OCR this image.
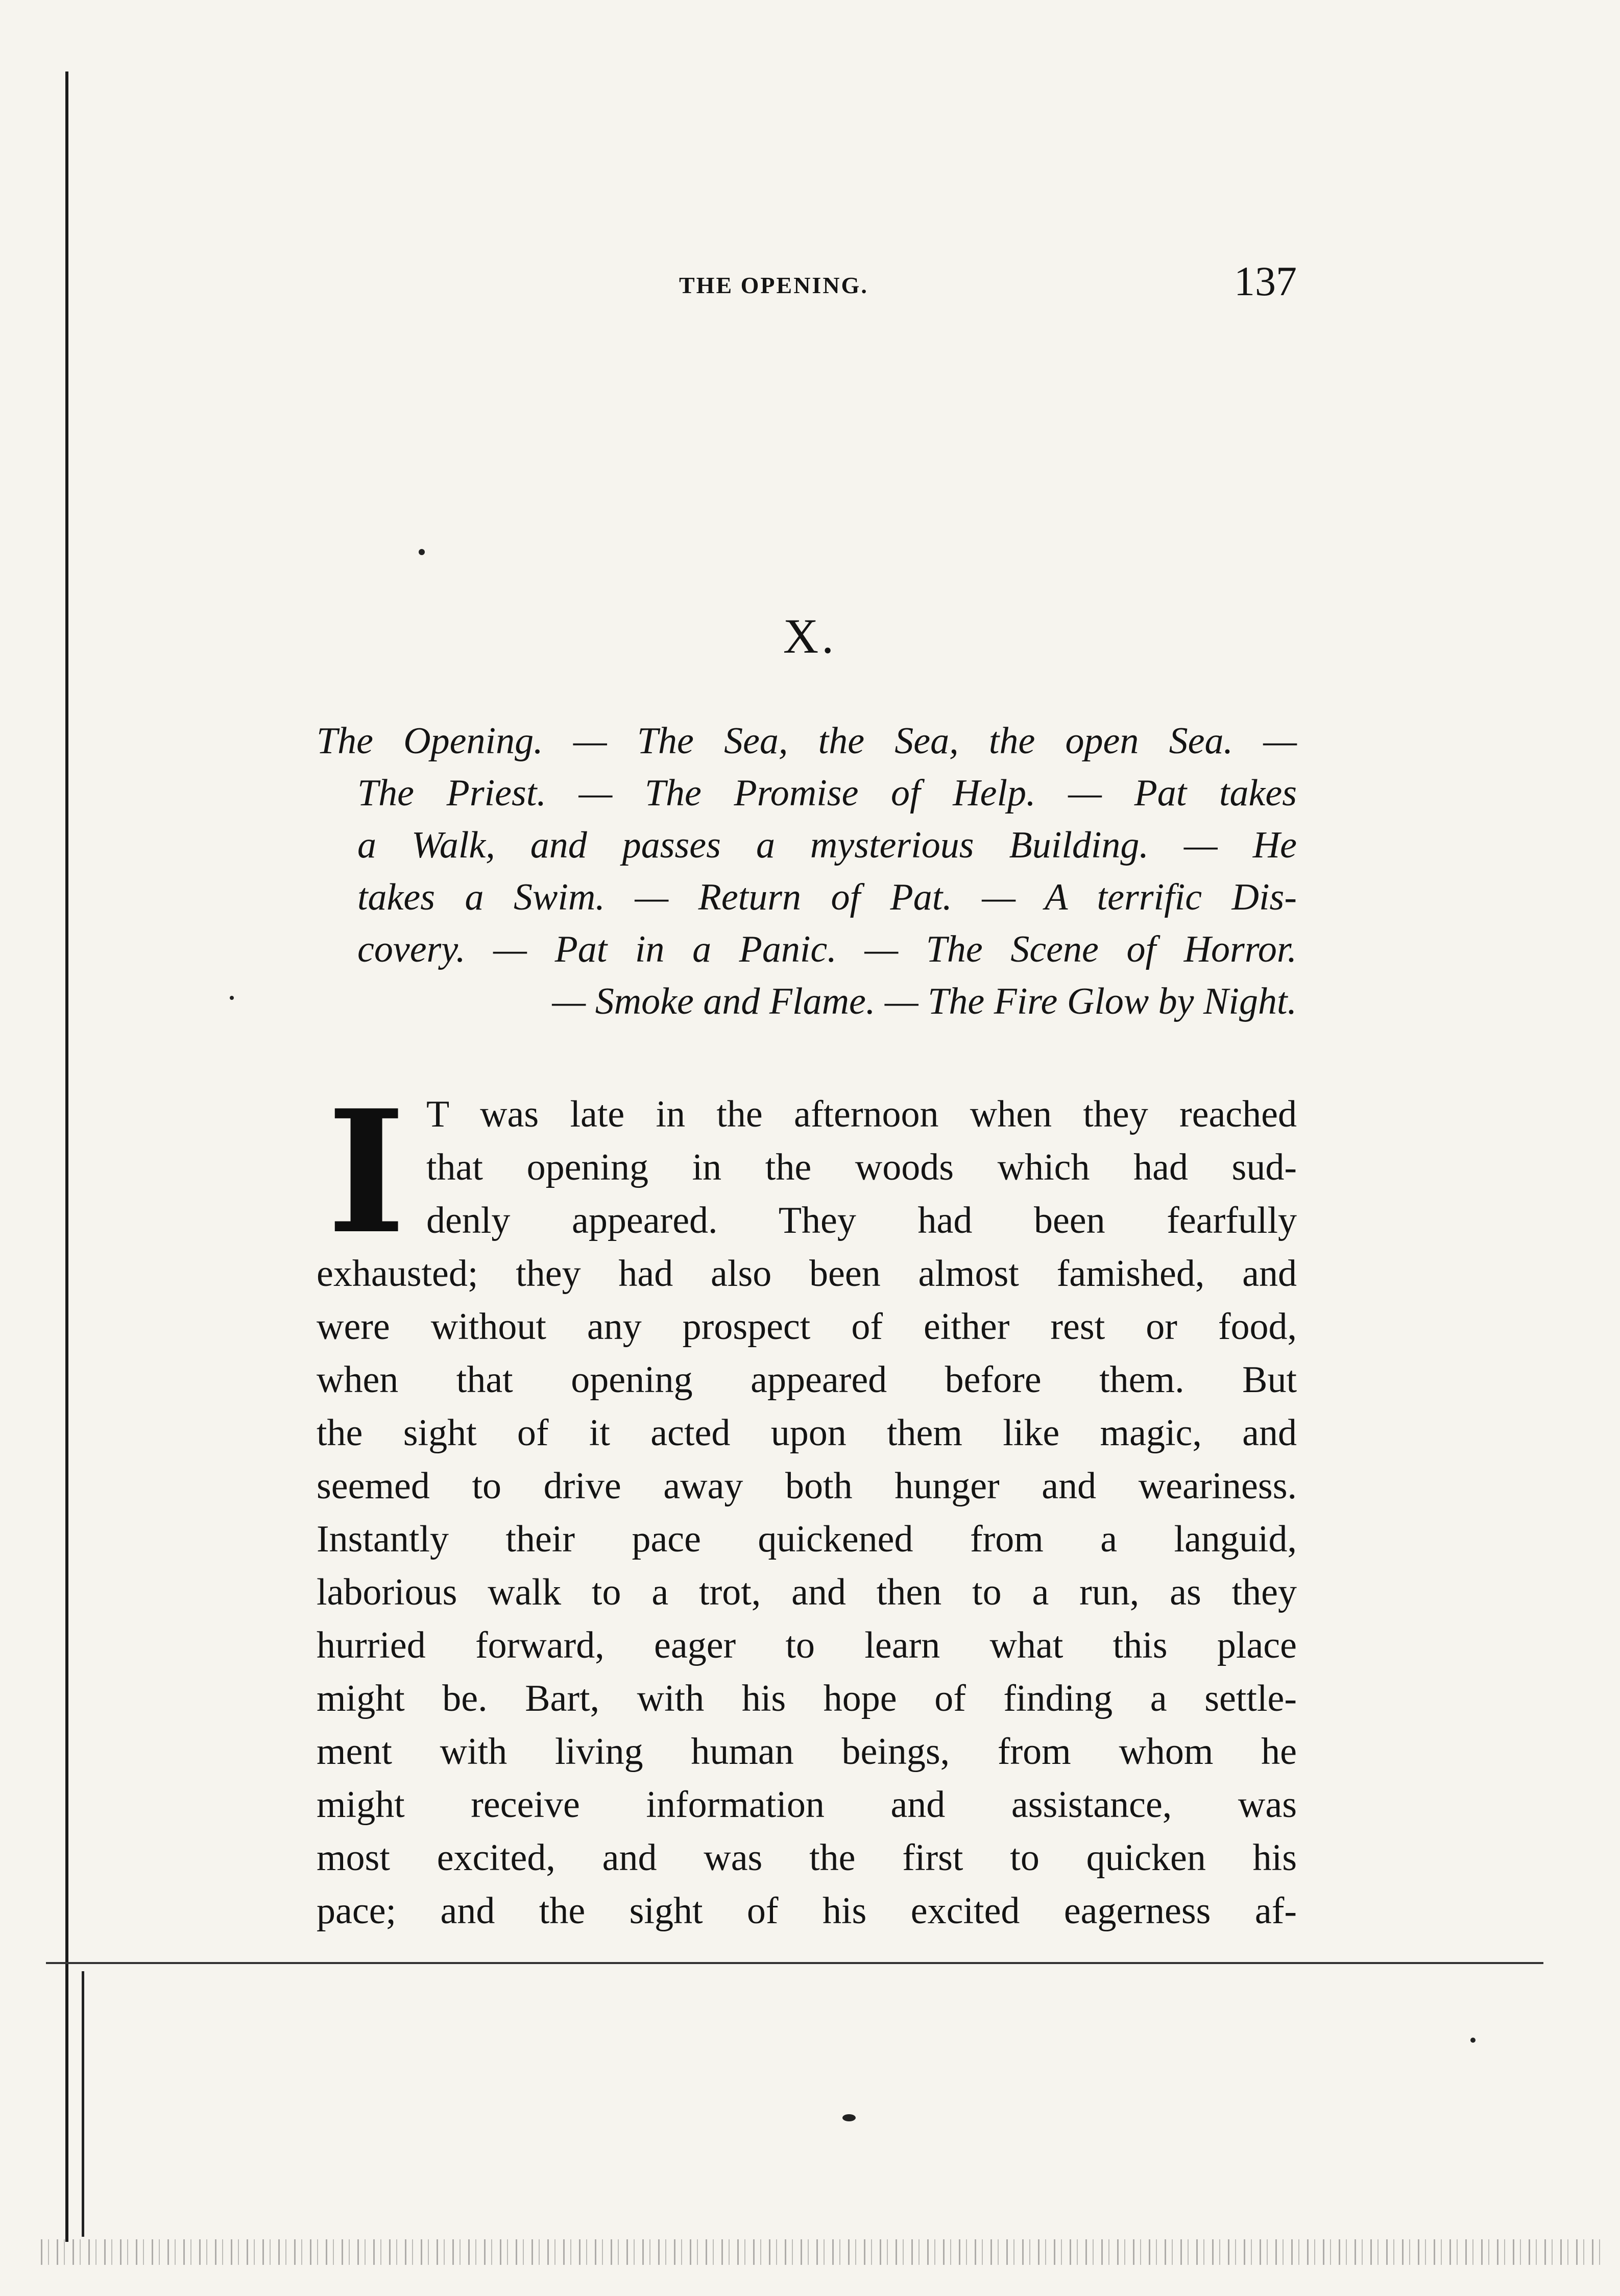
THE OPENING.	137
X.
The Opening. — The Sea, the Sea, the open Sea. —
The Priest. — The Promise of Help. — Pat takes
a Walk, and passes a mysterious Building. — He
takes a Swim. — Return of Pat. — A terrific Dis-
covery. — Pat in a Panic. — The Scene of Horror.
— Smoke and Flame. — The Fire Glow by Night.
I T was late in the afternoon when they reached
that opening in the woods which had sud-
denly appeared. They had been fearfully
exhausted; they had also been almost famished, and
were without any prospect of either rest or food,
when that opening appeared before them. But
the sight of it acted upon them like magic, and
seemed to drive away both hunger and weariness.
Instantly their pace quickened from a languid,
laborious walk to a trot, and then to a run, as they
hurried forward, eager to learn what this place
might be. Bart, with his hope of finding a settle-
ment with living human beings, from whom he
might receive information and assistance, was
most excited, and was the first to quicken his
pace; and the sight of his excited eagerness af-
